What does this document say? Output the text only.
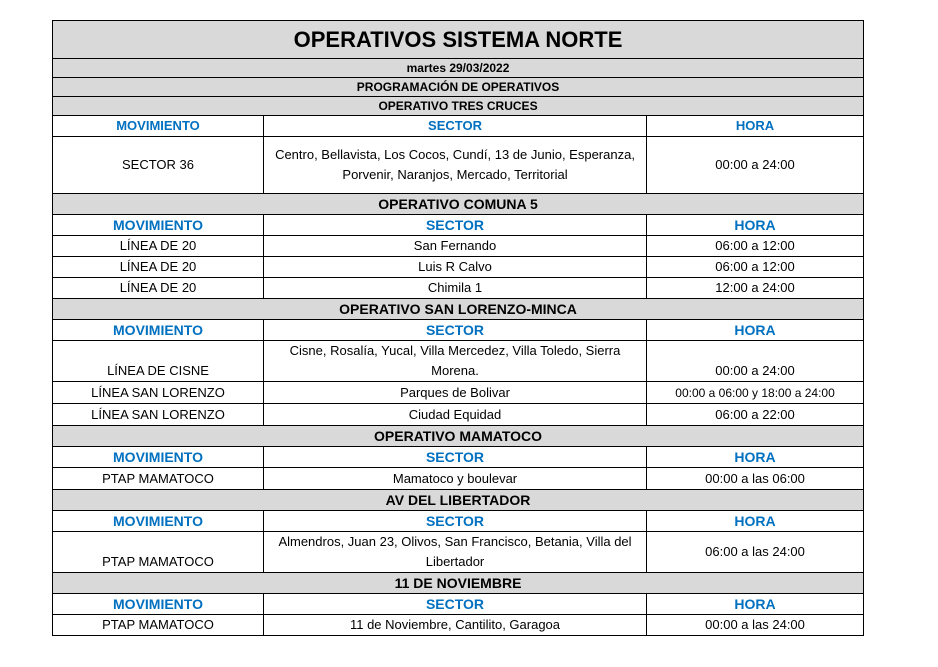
OPERATIVOS SISTEMA NORTE		
martes 29/03/2022		
PROGRAMACIÓN DE OPERATIVOS		
OPERATIVO TRES CRUCES		
MOVIMIENTO	SECTOR	HORA
SECTOR 36	Centro, Bellavista, Los Cocos, Cundí, 13 de Junio, Esperanza, Porvenir, Naranjos, Mercado, Territorial	00:00 a 24:00
OPERATIVO COMUNA 5		
MOVIMIENTO	SECTOR	HORA
LÍNEA DE 20	San Fernando	06:00 a 12:00
LÍNEA DE 20	Luis R Calvo	06:00 a 12:00
LÍNEA DE 20	Chimila 1	12:00 a 24:00
OPERATIVO SAN LORENZO-MINCA		
MOVIMIENTO	SECTOR	HORA
LÍNEA DE CISNE	Cisne, Rosalía, Yucal, Villa Mercedez, Villa Toledo, Sierra Morena.	00:00 a 24:00
LÍNEA SAN LORENZO	Parques de Bolivar	00:00 a 06:00 y 18:00 a 24:00
LÍNEA SAN LORENZO	Ciudad Equidad	06:00 a 22:00
OPERATIVO MAMATOCO		
MOVIMIENTO	SECTOR	HORA
PTAP MAMATOCO	Mamatoco y boulevar	00:00 a las 06:00
AV DEL LIBERTADOR		
MOVIMIENTO	SECTOR	HORA
PTAP MAMATOCO	Almendros, Juan 23, Olivos, San Francisco, Betania, Villa del Libertador	06:00 a las 24:00
11 DE NOVIEMBRE		
MOVIMIENTO	SECTOR	HORA
PTAP MAMATOCO	11 de Noviembre, Cantilito, Garagoa	00:00 a las 24:00
